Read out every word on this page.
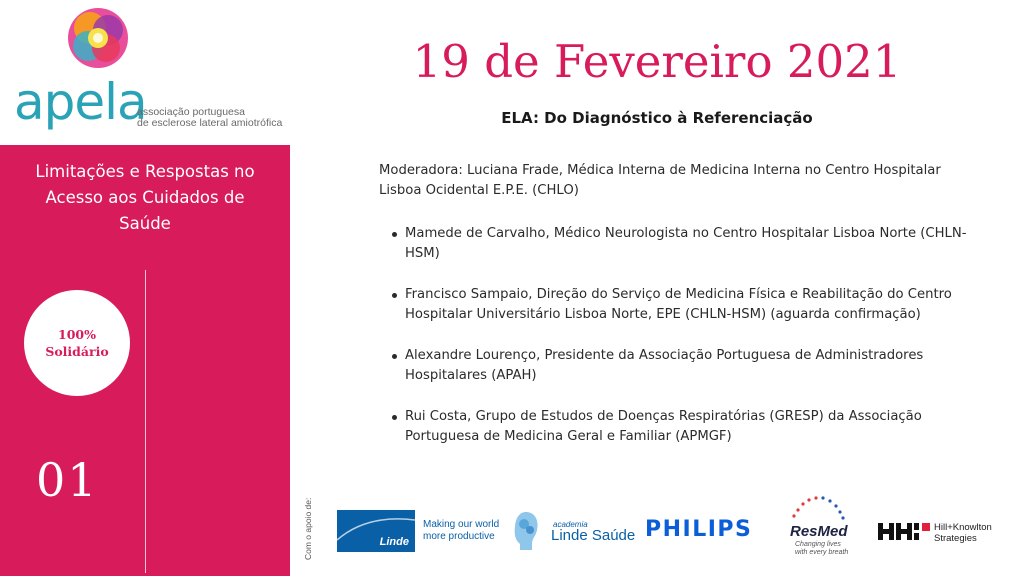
apela
associação portuguesa
de esclerose lateral amiotrófica
Limitações e Respostas no Acesso aos Cuidados de Saúde
100%
Solidário
01
19 de Fevereiro 2021
ELA: Do Diagnóstico à Referenciação
Moderadora: Luciana Frade, Médica Interna de Medicina Interna no Centro Hospitalar Lisboa Ocidental E.P.E. (CHLO)
Mamede de Carvalho, Médico Neurologista no Centro Hospitalar Lisboa Norte (CHLN-HSM)
Francisco Sampaio, Direção do Serviço de Medicina Física e Reabilitação do Centro Hospitalar Universitário Lisboa Norte, EPE (CHLN-HSM) (aguarda confirmação)
Alexandre Lourenço, Presidente da Associação Portuguesa de Administradores Hospitalares (APAH)
Rui Costa, Grupo de Estudos de Doenças Respiratórias (GRESP) da Associação Portuguesa de Medicina Geral e Familiar (APMGF)
Com o apoio de:	Linde
Making our world
more productive
academia
Linde Saúde PHILIPS	ResMed
Changing lives
with every breath
Hill+Knowlton
Strategies
